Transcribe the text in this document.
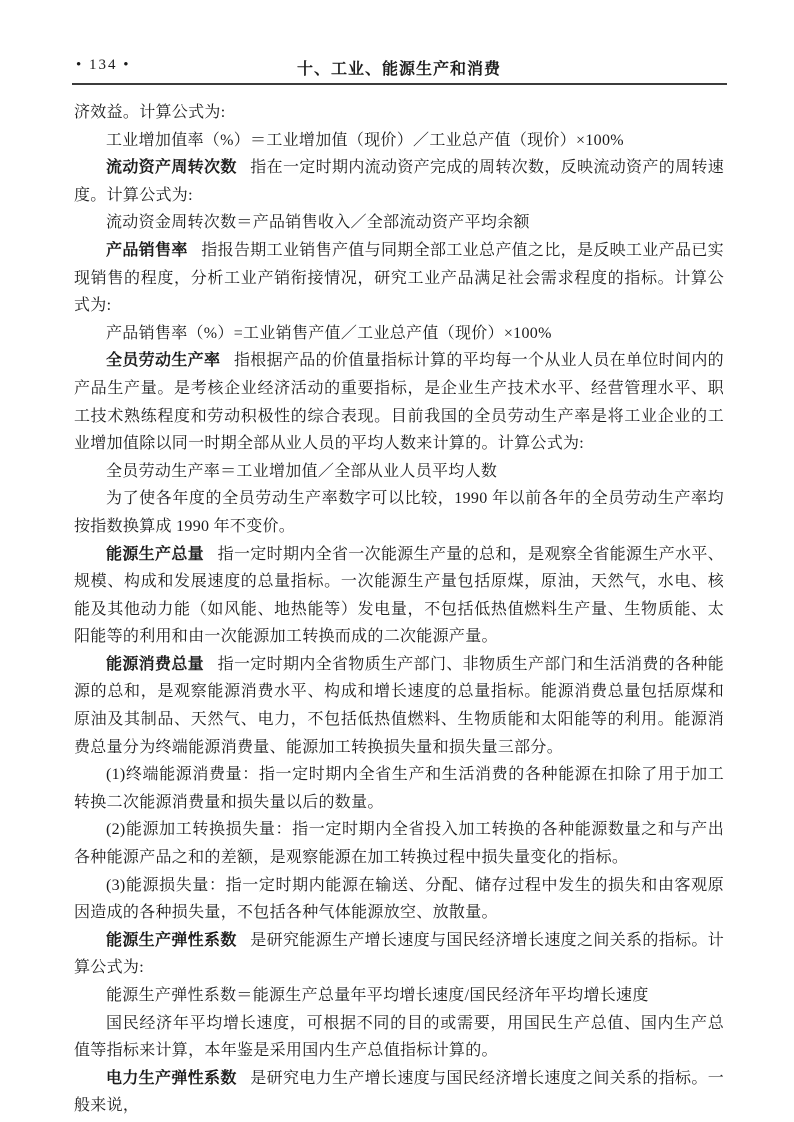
• 134 •	十、工业、能源生产和消费

济效益。计算公式为:

工业增加值率（%）＝工业增加值（现价）／工业总产值（现价）×100%

流动资产周转次数 指在一定时期内流动资产完成的周转次数，反映流动资产的周转速度。计算公式为:

流动资金周转次数＝产品销售收入／全部流动资产平均余额

产品销售率 指报告期工业销售产值与同期全部工业总产值之比，是反映工业产品已实现销售的程度，分析工业产销衔接情况，研究工业产品满足社会需求程度的指标。计算公式为:

产品销售率（%）=工业销售产值／工业总产值（现价）×100%

全员劳动生产率 指根据产品的价值量指标计算的平均每一个从业人员在单位时间内的产品生产量。是考核企业经济活动的重要指标，是企业生产技术水平、经营管理水平、职工技术熟练程度和劳动积极性的综合表现。目前我国的全员劳动生产率是将工业企业的工业增加值除以同一时期全部从业人员的平均人数来计算的。计算公式为:

全员劳动生产率＝工业增加值／全部从业人员平均人数

为了使各年度的全员劳动生产率数字可以比较，1990 年以前各年的全员劳动生产率均按指数换算成 1990 年不变价。

能源生产总量 指一定时期内全省一次能源生产量的总和，是观察全省能源生产水平、规模、构成和发展速度的总量指标。一次能源生产量包括原煤，原油，天然气，水电、核能及其他动力能（如风能、地热能等）发电量，不包括低热值燃料生产量、生物质能、太阳能等的利用和由一次能源加工转换而成的二次能源产量。

能源消费总量 指一定时期内全省物质生产部门、非物质生产部门和生活消费的各种能源的总和，是观察能源消费水平、构成和增长速度的总量指标。能源消费总量包括原煤和原油及其制品、天然气、电力，不包括低热值燃料、生物质能和太阳能等的利用。能源消费总量分为终端能源消费量、能源加工转换损失量和损失量三部分。

(1)终端能源消费量：指一定时期内全省生产和生活消费的各种能源在扣除了用于加工转换二次能源消费量和损失量以后的数量。

(2)能源加工转换损失量：指一定时期内全省投入加工转换的各种能源数量之和与产出各种能源产品之和的差额，是观察能源在加工转换过程中损失量变化的指标。

(3)能源损失量：指一定时期内能源在输送、分配、储存过程中发生的损失和由客观原因造成的各种损失量，不包括各种气体能源放空、放散量。

能源生产弹性系数 是研究能源生产增长速度与国民经济增长速度之间关系的指标。计算公式为:

能源生产弹性系数＝能源生产总量年平均增长速度/国民经济年平均增长速度

国民经济年平均增长速度，可根据不同的目的或需要，用国民生产总值、国内生产总值等指标来计算，本年鉴是采用国内生产总值指标计算的。

电力生产弹性系数 是研究电力生产增长速度与国民经济增长速度之间关系的指标。一般来说，
